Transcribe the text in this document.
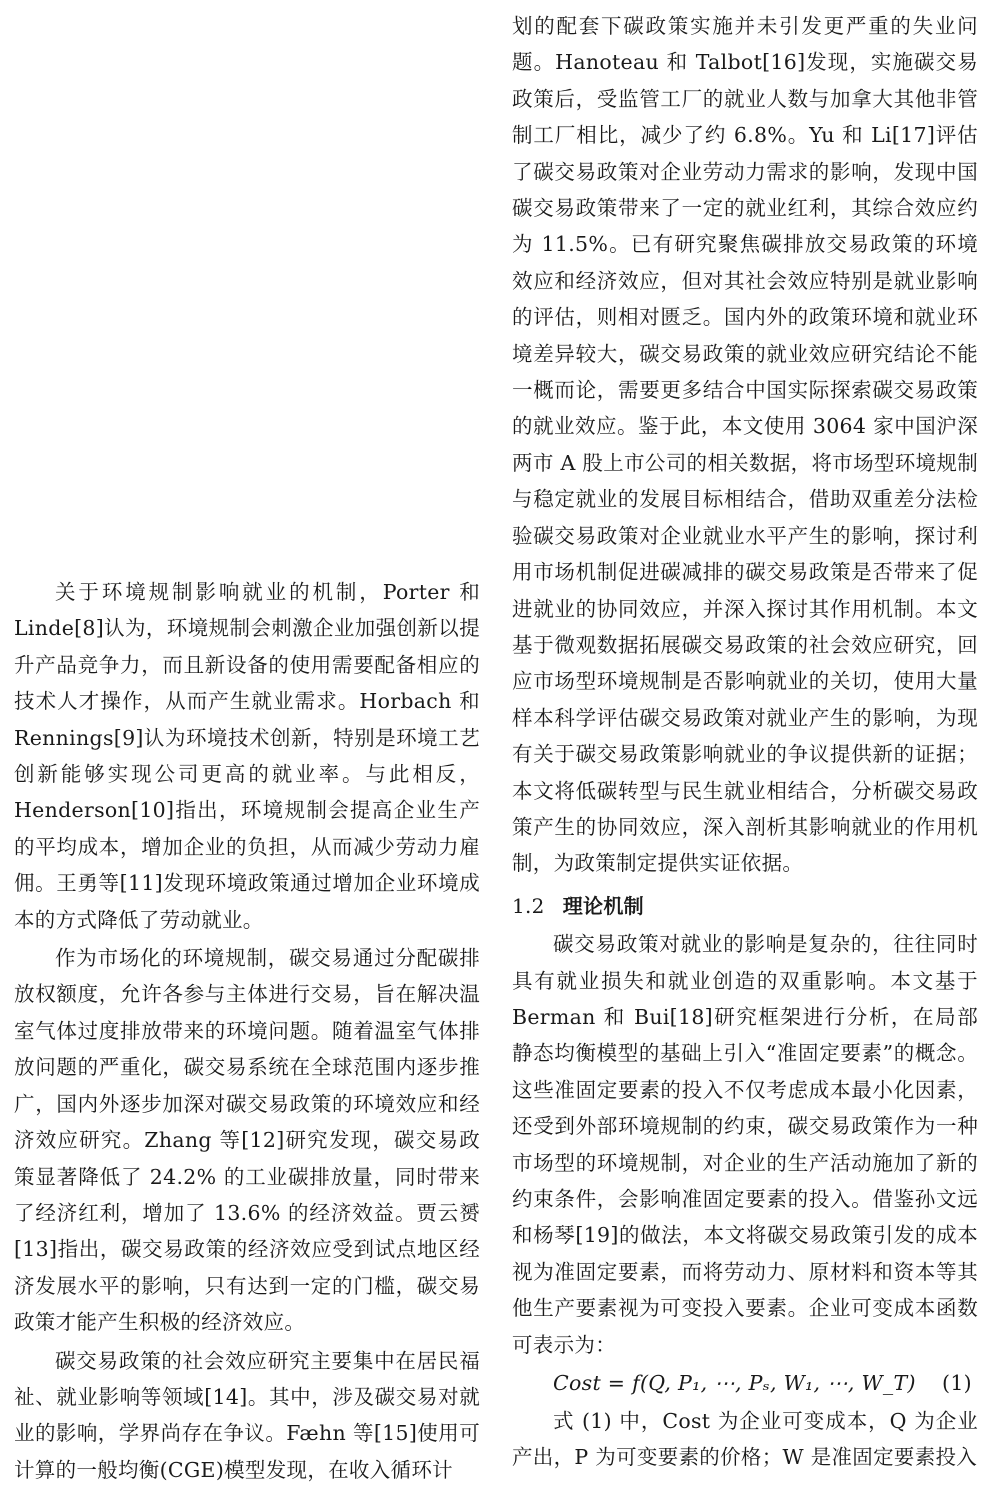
关于环境规制影响就业的机制，Porter 和 Linde[8]认为，环境规制会刺激企业加强创新以提升产品竞争力，而且新设备的使用需要配备相应的技术人才操作，从而产生就业需求。Horbach 和 Rennings[9]认为环境技术创新，特别是环境工艺创新能够实现公司更高的就业率。与此相反，Henderson[10]指出，环境规制会提高企业生产的平均成本，增加企业的负担，从而减少劳动力雇佣。王勇等[11]发现环境政策通过增加企业环境成本的方式降低了劳动就业。

作为市场化的环境规制，碳交易通过分配碳排放权额度，允许各参与主体进行交易，旨在解决温室气体过度排放带来的环境问题。随着温室气体排放问题的严重化，碳交易系统在全球范围内逐步推广，国内外逐步加深对碳交易政策的环境效应和经济效应研究。Zhang 等[12]研究发现，碳交易政策显著降低了 24.2% 的工业碳排放量，同时带来了经济红利，增加了 13.6% 的经济效益。贾云赟[13]指出，碳交易政策的经济效应受到试点地区经济发展水平的影响，只有达到一定的门槛，碳交易政策才能产生积极的经济效应。

碳交易政策的社会效应研究主要集中在居民福祉、就业影响等领域[14]。其中，涉及碳交易对就业的影响，学界尚存在争议。Fæhn 等[15]使用可计算的一般均衡(CGE)模型发现，在收入循环计

划的配套下碳政策实施并未引发更严重的失业问题。Hanoteau 和 Talbot[16]发现，实施碳交易政策后，受监管工厂的就业人数与加拿大其他非管制工厂相比，减少了约 6.8%。Yu 和 Li[17]评估了碳交易政策对企业劳动力需求的影响，发现中国碳交易政策带来了一定的就业红利，其综合效应约为 11.5%。已有研究聚焦碳排放交易政策的环境效应和经济效应，但对其社会效应特别是就业影响的评估，则相对匮乏。国内外的政策环境和就业环境差异较大，碳交易政策的就业效应研究结论不能一概而论，需要更多结合中国实际探索碳交易政策的就业效应。鉴于此，本文使用 3064 家中国沪深两市 A 股上市公司的相关数据，将市场型环境规制与稳定就业的发展目标相结合，借助双重差分法检验碳交易政策对企业就业水平产生的影响，探讨利用市场机制促进碳减排的碳交易政策是否带来了促进就业的协同效应，并深入探讨其作用机制。本文基于微观数据拓展碳交易政策的社会效应研究，回应市场型环境规制是否影响就业的关切，使用大量样本科学评估碳交易政策对就业产生的影响，为现有关于碳交易政策影响就业的争议提供新的证据；本文将低碳转型与民生就业相结合，分析碳交易政策产生的协同效应，深入剖析其影响就业的作用机制，为政策制定提供实证依据。

1.2 理论机制

碳交易政策对就业的影响是复杂的，往往同时具有就业损失和就业创造的双重影响。本文基于 Berman 和 Bui[18]研究框架进行分析，在局部静态均衡模型的基础上引入“准固定要素”的概念。这些准固定要素的投入不仅考虑成本最小化因素，还受到外部环境规制的约束，碳交易政策作为一种市场型的环境规制，对企业的生产活动施加了新的约束条件，会影响准固定要素的投入。借鉴孙文远和杨琴[19]的做法，本文将碳交易政策引发的成本视为准固定要素，而将劳动力、原材料和资本等其他生产要素视为可变投入要素。企业可变成本函数可表示为：

Cost = f(Q, P₁, ⋯, Pₛ, W₁, ⋯, W_T) (1)

式 (1) 中，Cost 为企业可变成本，Q 为企业产出，P 为可变要素的价格；W 是准固定要素投入
